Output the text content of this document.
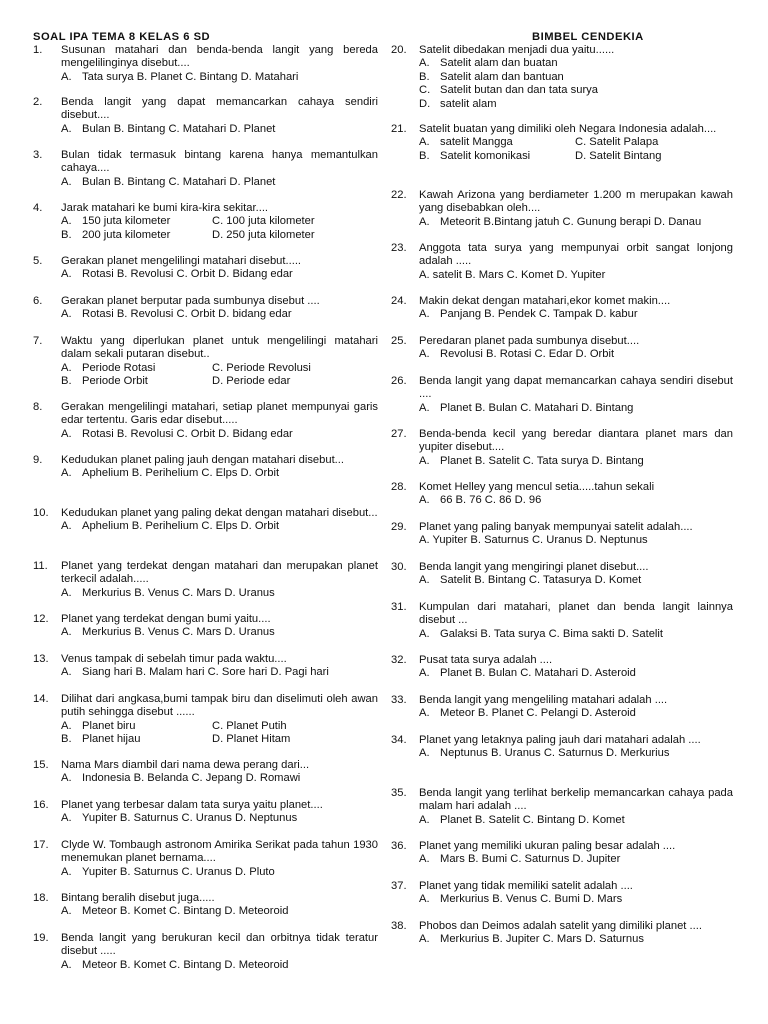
SOAL IPA TEMA 8 KELAS 6 SD	BIMBEL CENDEKIA
1. Susunan matahari dan benda-benda langit yang bereda mengelilinginya disebut....
A. Tata surya B. Planet C. Bintang D. Matahari
2. Benda langit yang dapat memancarkan cahaya sendiri disebut....
A. Bulan B. Bintang C. Matahari D. Planet
3. Bulan tidak termasuk bintang karena hanya memantulkan cahaya....
A. Bulan B. Bintang C. Matahari D. Planet
4. Jarak matahari ke bumi kira-kira sekitar....
A. 150 juta kilometer	C. 100 juta kilometer
B. 200 juta kilometer	D. 250 juta kilometer
5. Gerakan planet mengelilingi matahari disebut.....
A. Rotasi B. Revolusi C. Orbit D. Bidang edar
6. Gerakan planet berputar pada sumbunya disebut ....
A. Rotasi B. Revolusi C. Orbit D. bidang edar
7. Waktu yang diperlukan planet untuk mengelilingi matahari dalam sekali putaran disebut..
A. Periode Rotasi	C. Periode Revolusi
B. Periode Orbit	D. Periode edar
8. Gerakan mengelilingi matahari, setiap planet mempunyai garis edar tertentu. Garis edar disebut.....
A. Rotasi B. Revolusi C. Orbit D. Bidang edar
9. Kedudukan planet paling jauh dengan matahari disebut...
A. Aphelium B. Perihelium C. Elps D. Orbit
10. Kedudukan planet yang paling dekat dengan matahari disebut...
A. Aphelium B. Perihelium C. Elps D. Orbit
11. Planet yang terdekat dengan matahari dan merupakan planet terkecil adalah.....
A. Merkurius B. Venus C. Mars D. Uranus
12. Planet yang terdekat dengan bumi yaitu....
A. Merkurius B. Venus C. Mars D. Uranus
13. Venus tampak di sebelah timur pada waktu....
A. Siang hari B. Malam hari C. Sore hari D. Pagi hari
14. Dilihat dari angkasa,bumi tampak biru dan diselimuti oleh awan putih sehingga disebut ......
A. Planet biru	C. Planet Putih
B. Planet hijau	D. Planet Hitam
15. Nama Mars diambil dari nama dewa perang dari...
A. Indonesia B. Belanda C. Jepang D. Romawi
16. Planet yang terbesar dalam tata surya yaitu planet....
A. Yupiter B. Saturnus C. Uranus D. Neptunus
17. Clyde W. Tombaugh astronom Amirika Serikat pada tahun 1930 menemukan planet bernama....
A. Yupiter B. Saturnus C. Uranus D. Pluto
18. Bintang beralih disebut juga.....
A. Meteor B. Komet C. Bintang D. Meteoroid
19. Benda langit yang berukuran kecil dan orbitnya tidak teratur disebut .....
A. Meteor B. Komet C. Bintang D. Meteoroid
20. Satelit dibedakan menjadi dua yaitu......
A. Satelit alam dan buatan
B. Satelit alam dan bantuan
C. Satelit butan dan dan tata surya
D. satelit alam
21. Satelit buatan yang dimiliki oleh Negara Indonesia adalah....
A. satelit Mangga	C. Satelit Palapa
B. Satelit komonikasi	D. Satelit Bintang
22. Kawah Arizona yang berdiameter 1.200 m merupakan kawah yang disebabkan oleh....
A. Meteorit B.Bintang jatuh C. Gunung berapi D. Danau
23. Anggota tata surya yang mempunyai orbit sangat lonjong adalah .....
A. satelit B. Mars C. Komet D. Yupiter
24. Makin dekat dengan matahari,ekor komet makin....
A. Panjang B. Pendek C. Tampak D. kabur
25. Peredaran planet pada sumbunya disebut....
A. Revolusi B. Rotasi C. Edar D. Orbit
26. Benda langit yang dapat memancarkan cahaya sendiri disebut ....
A. Planet B. Bulan C. Matahari D. Bintang
27. Benda-benda kecil yang beredar diantara planet mars dan yupiter disebut....
A. Planet B. Satelit C. Tata surya D. Bintang
28. Komet Helley yang mencul setia.....tahun sekali
A. 66 B. 76 C. 86 D. 96
29. Planet yang paling banyak mempunyai satelit adalah....
A. Yupiter B. Saturnus C. Uranus D. Neptunus
30. Benda langit yang mengiringi planet disebut....
A. Satelit B. Bintang C. Tatasurya D. Komet
31. Kumpulan dari matahari, planet dan benda langit lainnya disebut ...
A. Galaksi B. Tata surya C. Bima sakti D. Satelit
32. Pusat tata surya adalah ....
A. Planet B. Bulan C. Matahari D. Asteroid
33. Benda langit yang mengeliling matahari adalah ....
A. Meteor B. Planet C. Pelangi D. Asteroid
34. Planet yang letaknya paling jauh dari matahari adalah ....
A. Neptunus B. Uranus C. Saturnus D. Merkurius
35. Benda langit yang terlihat berkelip memancarkan cahaya pada malam hari adalah ....
A. Planet B. Satelit C. Bintang D. Komet
36. Planet yang memiliki ukuran paling besar adalah ....
A. Mars B. Bumi C. Saturnus D. Jupiter
37. Planet yang tidak memiliki satelit adalah ....
A. Merkurius B. Venus C. Bumi D. Mars
38. Phobos dan Deimos adalah satelit yang dimiliki planet ....
A. Merkurius B. Jupiter C. Mars D. Saturnus
